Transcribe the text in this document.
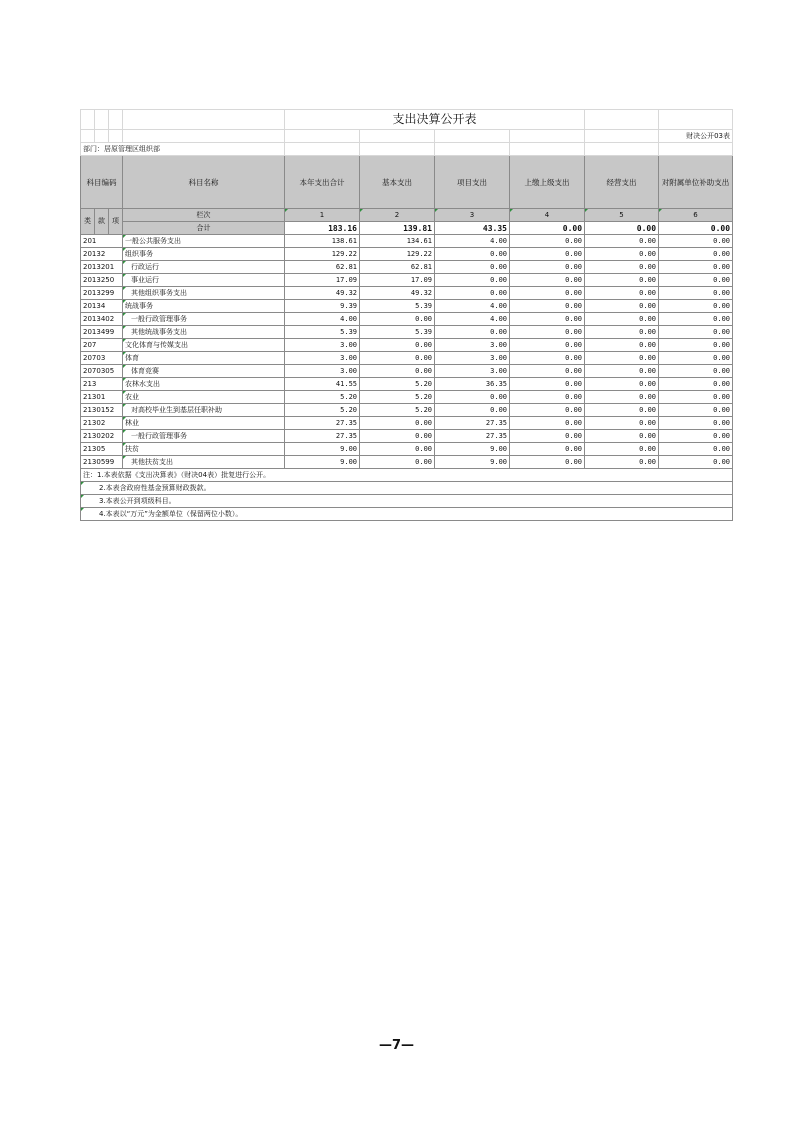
				支出决算公开表					
									财决公开03表
部门：居原管理区组织部									
科目编码			科目名称	本年支出合计	基本支出	项目支出	上缴上级支出	经营支出	对附属单位补助支出
类	款	项	栏次	1	2	3	4	5	6
			合计	183.16	139.81	43.35	0.00	0.00	0.00
201			一般公共服务支出	138.61	134.61	4.00	0.00	0.00	0.00
20132			组织事务	129.22	129.22	0.00	0.00	0.00	0.00
2013201			行政运行	62.81	62.81	0.00	0.00	0.00	0.00
2013250			事业运行	17.09	17.09	0.00	0.00	0.00	0.00
2013299			其他组织事务支出	49.32	49.32	0.00	0.00	0.00	0.00
20134			统战事务	9.39	5.39	4.00	0.00	0.00	0.00
2013402			一般行政管理事务	4.00	0.00	4.00	0.00	0.00	0.00
2013499			其他统战事务支出	5.39	5.39	0.00	0.00	0.00	0.00
207			文化体育与传媒支出	3.00	0.00	3.00	0.00	0.00	0.00
20703			体育	3.00	0.00	3.00	0.00	0.00	0.00
2070305			体育竞赛	3.00	0.00	3.00	0.00	0.00	0.00
213			农林水支出	41.55	5.20	36.35	0.00	0.00	0.00
21301			农业	5.20	5.20	0.00	0.00	0.00	0.00
2130152			对高校毕业生到基层任职补助	5.20	5.20	0.00	0.00	0.00	0.00
21302			林业	27.35	0.00	27.35	0.00	0.00	0.00
2130202			一般行政管理事务	27.35	0.00	27.35	0.00	0.00	0.00
21305			扶贫	9.00	0.00	9.00	0.00	0.00	0.00
2130599			其他扶贫支出	9.00	0.00	9.00	0.00	0.00	0.00
注：1.本表依据《支出决算表》（财决04表）批复进行公开。									
2.本表含政府性基金预算财政拨款。									
3.本表公开到项级科目。									
4.本表以“万元”为金额单位（保留两位小数）。									
—7—
